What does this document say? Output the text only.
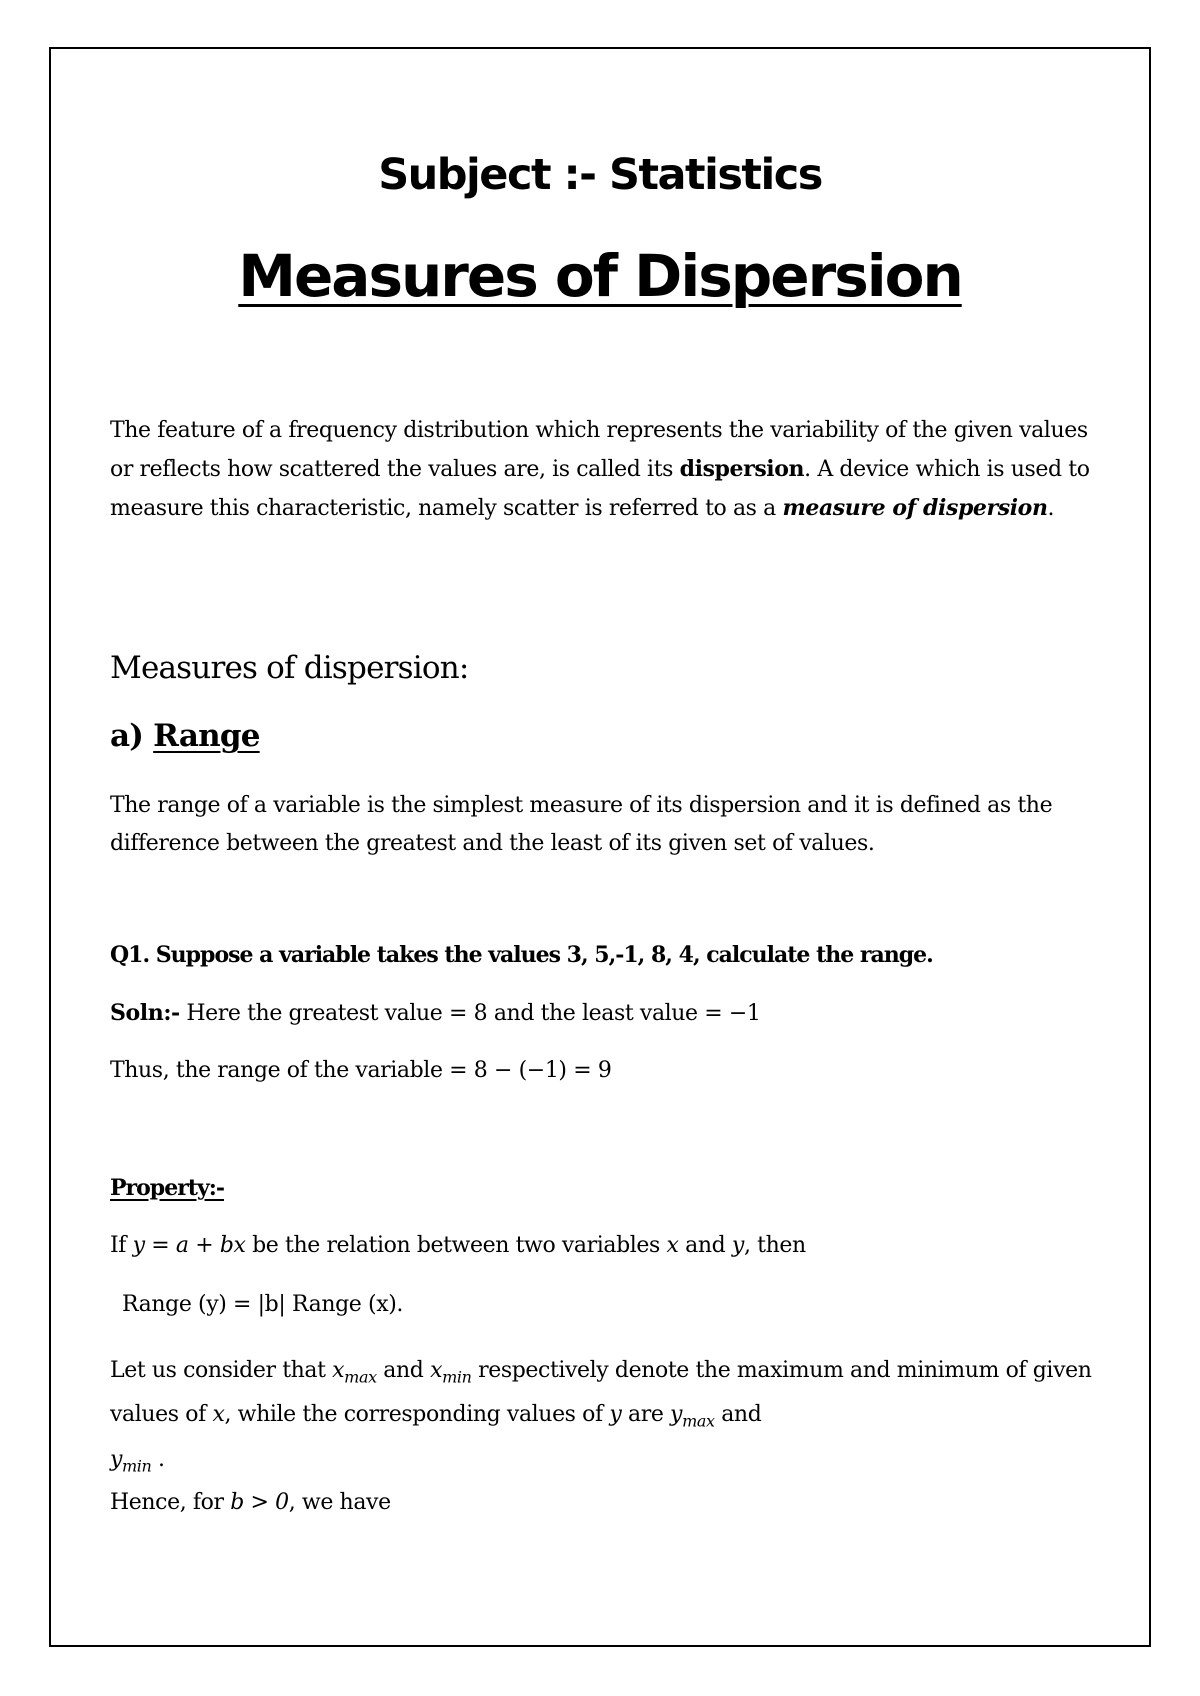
Subject :- Statistics
Measures of Dispersion

The feature of a frequency distribution which represents the variability of the given values or reflects how scattered the values are, is called its dispersion. A device which is used to measure this characteristic, namely scatter is referred to as a measure of dispersion.

Measures of dispersion:
a) Range

The range of a variable is the simplest measure of its dispersion and it is defined as the difference between the greatest and the least of its given set of values.

Q1. Suppose a variable takes the values 3, 5,-1, 8, 4, calculate the range.
Soln:- Here the greatest value = 8 and the least value = −1
Thus, the range of the variable = 8 − (−1) = 9
Property:-
If y = a + bx be the relation between two variables x and y, then
Range (y) = |b| Range (x).

Let us consider that $x_{max}$ and $x_{min}$ respectively denote the maximum and minimum of given values of x, while the corresponding values of y are $y_{max}$ and
$y_{min}$ .

Hence, for b > 0, we have
